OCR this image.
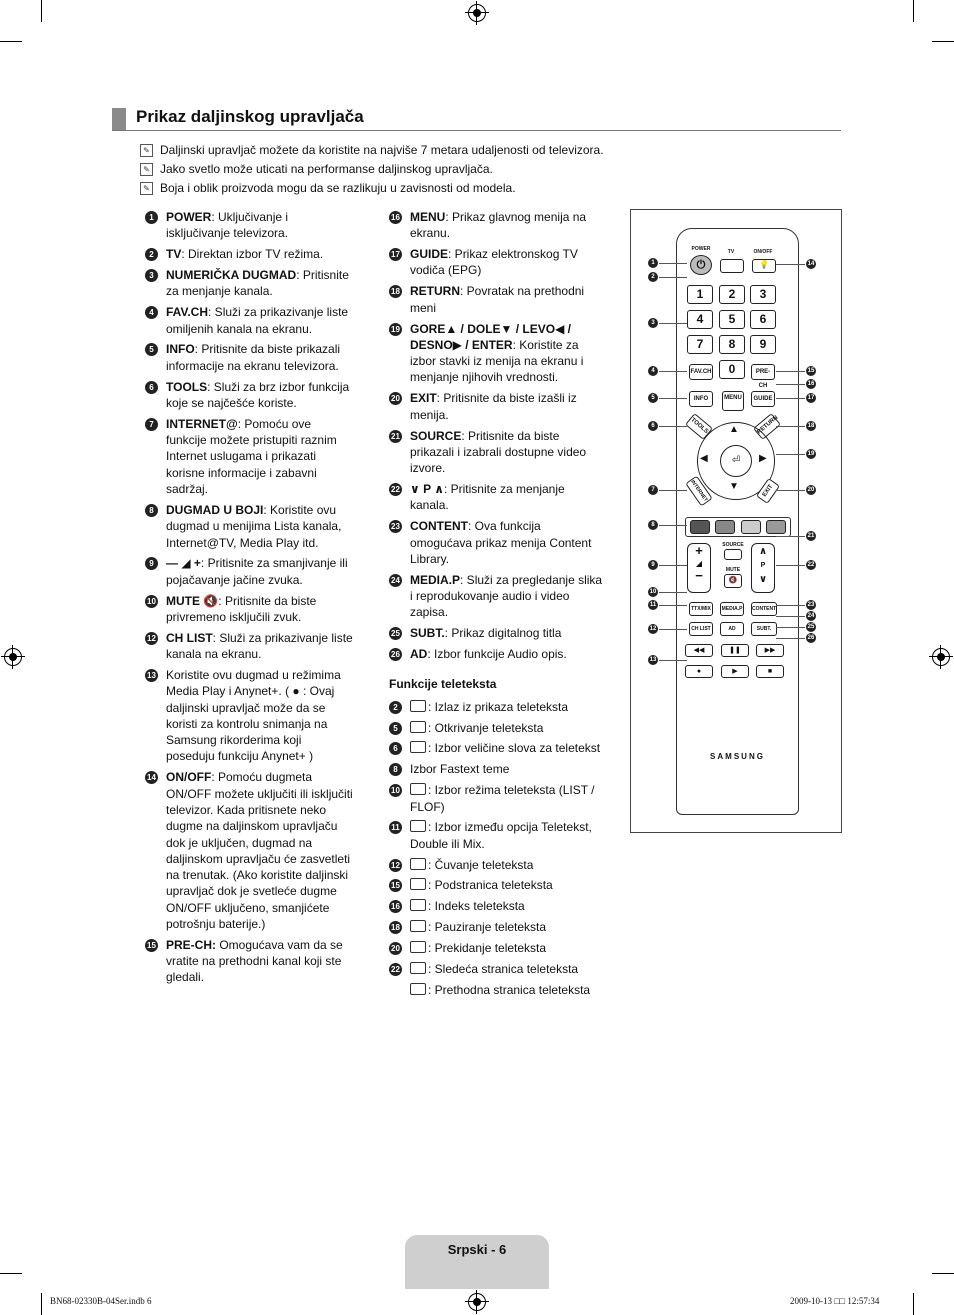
Prikaz daljinskog upravljača
✎ Daljinski upravljač možete da koristite na najviše 7 metara udaljenosti od televizora.
✎ Jako svetlo može uticati na performanse daljinskog upravljača.
✎ Boja i oblik proizvoda mogu da se razlikuju u zavisnosti od modela.
1	POWER: Uključivanje i isključivanje televizora.
2	TV: Direktan izbor TV režima.
3	NUMERIČKA DUGMAD: Pritisnite za menjanje kanala.
4	FAV.CH: Služi za prikazivanje liste omiljenih kanala na ekranu.
5	INFO: Pritisnite da biste prikazali informacije na ekranu televizora.
6	TOOLS: Služi za brz izbor funkcija koje se najčešće koriste.
7	INTERNET@: Pomoću ove funkcije možete pristupiti raznim Internet uslugama i prikazati korisne informacije i zabavni sadržaj.
8	DUGMAD U BOJI: Koristite ovu dugmad u menijima Lista kanala, Internet@TV, Media Play itd.
9	— ◢ +: Pritisnite za smanjivanje ili pojačavanje jačine zvuka.
10 MUTE 🔇: Pritisnite da biste privremeno isključili zvuk.
12 CH LIST: Služi za prikazivanje liste kanala na ekranu.
13 Koristite ovu dugmad u režimima Media Play i Anynet+. ( ● : Ovaj daljinski upravljač može da se koristi za kontrolu snimanja na Samsung rikorderima koji poseduju funkciju Anynet+ )
14 ON/OFF: Pomoću dugmeta ON/OFF možete uključiti ili isključiti televizor. Kada pritisnete neko dugme na daljinskom upravljaču dok je uključen, dugmad na daljinskom upravljaču će zasvetleti na trenutak. (Ako koristite daljinski upravljač dok je svetleće dugme ON/OFF uključeno, smanjićete potrošnju baterije.)
15 PRE-CH: Omogućava vam da se vratite na prethodni kanal koji ste gledali.
16 MENU: Prikaz glavnog menija na ekranu.
17 GUIDE: Prikaz elektronskog TV vodiča (EPG)
18 RETURN: Povratak na prethodni meni
19 GORE▲ / DOLE▼ / LEVO◀ / DESNO▶ / ENTER: Koristite za izbor stavki iz menija na ekranu i menjanje njihovih vrednosti.
20 EXIT: Pritisnite da biste izašli iz menija.
21 SOURCE: Pritisnite da biste prikazali i izabrali dostupne video izvore.
22 ∨ P ∧: Pritisnite za menjanje kanala.
23 CONTENT: Ova funkcija omogućava prikaz menija Content Library.
24 MEDIA.P: Služi za pregledanje slika i reprodukovanje audio i video zapisa.
25 SUBT.: Prikaz digitalnog titla
26 AD: Izbor funkcije Audio opis.
Funkcije teleteksta
2	: Izlaz iz prikaza teleteksta
5	: Otkrivanje teleteksta
6	: Izbor veličine slova za teletekst
8	Izbor Fastext teme
10 : Izbor režima teleteksta (LIST / FLOF)
11 : Izbor između opcija Teletekst, Double ili Mix.
12 : Čuvanje teleteksta
15 : Podstranica teleteksta
16 : Indeks teleteksta
18 : Pauziranje teleteksta
20 : Prekidanje teleteksta
22 : Sledeća stranica teleteksta
: Prethodna stranica teleteksta
POWER	TV	ON/OFF
⏻	💡
1	2	3
4	5	6
7	8	9
0
FAV.CH	PRE-CH
INFO	MENU	GUIDE
TOOLS	RETURN
⏎
▲
▼
◀	▶
INTERNET	EXIT
+
◢
−
SOURCE
MUTE
🔇
∧
P
∨
TTX/MIX	MEDIA.P	CONTENT
CH LIST	AD	SUBT.
◀◀	❚❚	▶▶
●	▶	■
SAMSUNG
1
2
3
4
5
6
7
8
9
10
11
12
13
14
15
16
17
18
19
20
21
22
23
24
25
26
Srpski - 6
BN68-02330B-04Ser.indb 6	2009-10-13 □□ 12:57:34
